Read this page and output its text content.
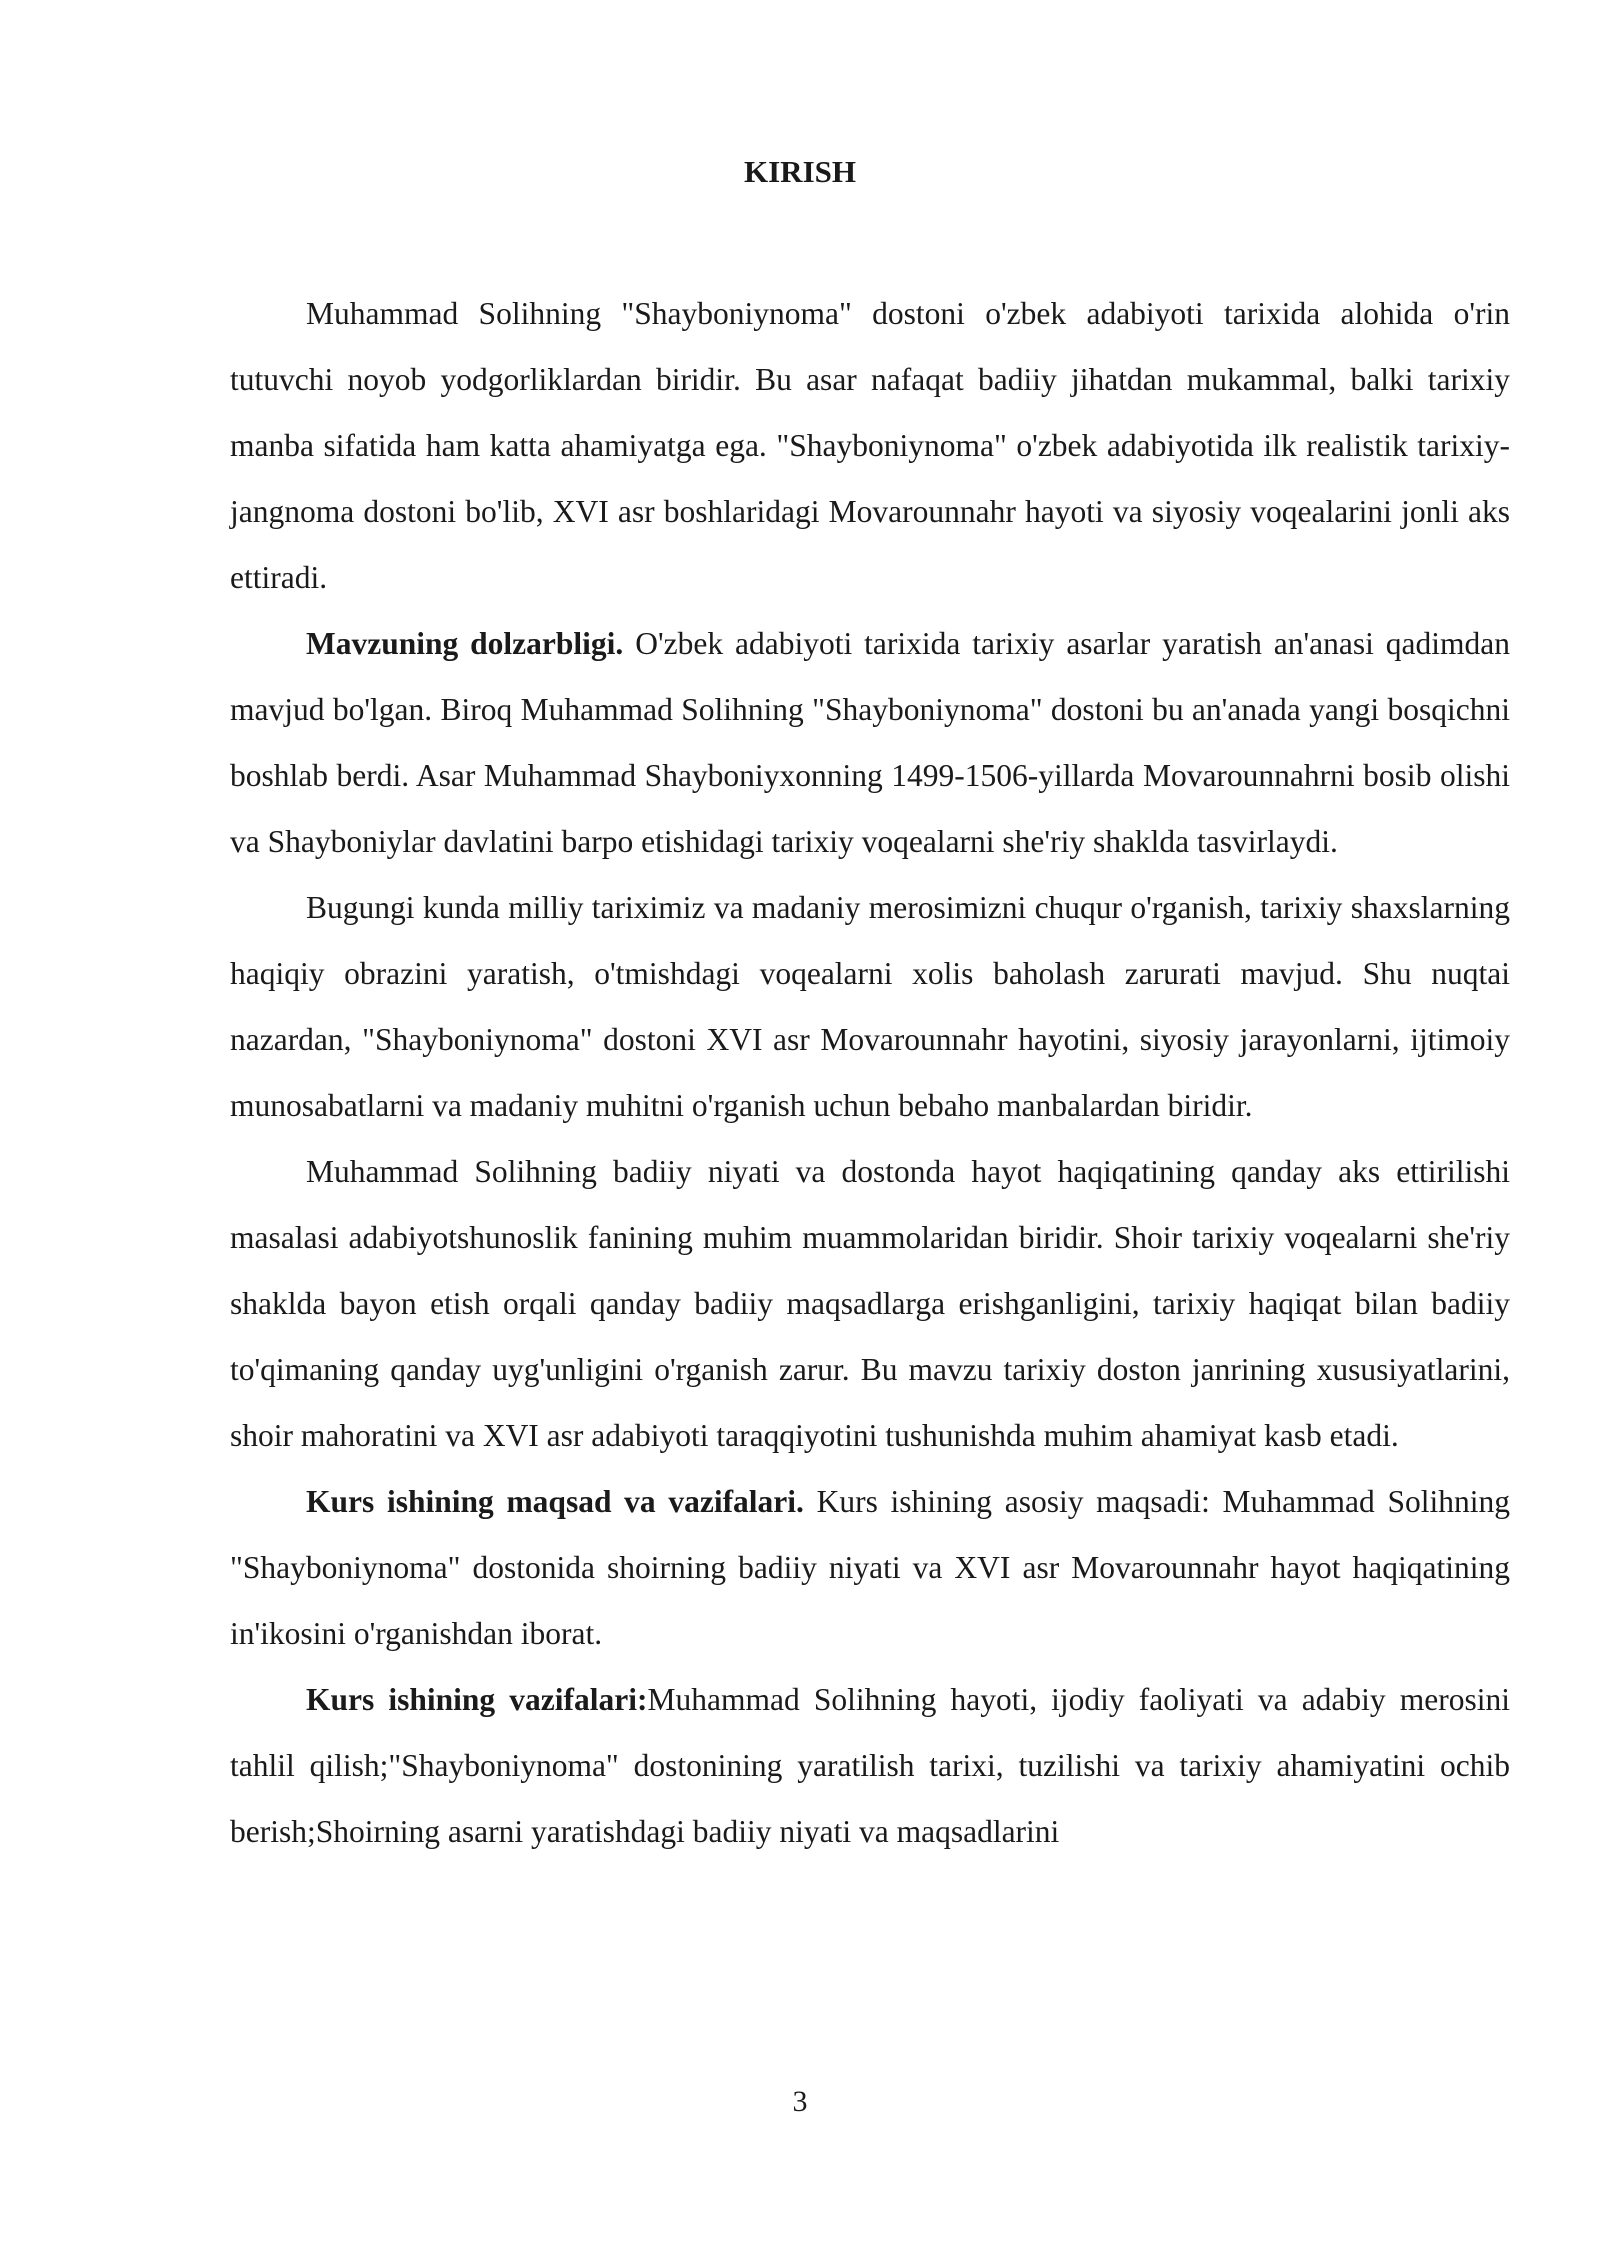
KIRISH

Muhammad Solihning "Shayboniynoma" dostoni o'zbek adabiyoti tarixida alohida o'rin tutuvchi noyob yodgorliklardan biridir. Bu asar nafaqat badiiy jihatdan mukammal, balki tarixiy manba sifatida ham katta ahamiyatga ega. "Shayboniynoma" o'zbek adabiyotida ilk realistik tarixiy-jangnoma dostoni bo'lib, XVI asr boshlaridagi Movarounnahr hayoti va siyosiy voqealarini jonli aks ettiradi.

Mavzuning dolzarbligi. O'zbek adabiyoti tarixida tarixiy asarlar yaratish an'anasi qadimdan mavjud bo'lgan. Biroq Muhammad Solihning "Shayboniynoma" dostoni bu an'anada yangi bosqichni boshlab berdi. Asar Muhammad Shayboniyxonning 1499-1506-yillarda Movarounnahrni bosib olishi va Shayboniylar davlatini barpo etishidagi tarixiy voqealarni she'riy shaklda tasvirlaydi.

Bugungi kunda milliy tariximiz va madaniy merosimizni chuqur o'rganish, tarixiy shaxslarning haqiqiy obrazini yaratish, o'tmishdagi voqealarni xolis baholash zarurati mavjud. Shu nuqtai nazardan, "Shayboniynoma" dostoni XVI asr Movarounnahr hayotini, siyosiy jarayonlarni, ijtimoiy munosabatlarni va madaniy muhitni o'rganish uchun bebaho manbalardan biridir.

Muhammad Solihning badiiy niyati va dostonda hayot haqiqatining qanday aks ettirilishi masalasi adabiyotshunoslik fanining muhim muammolaridan biridir. Shoir tarixiy voqealarni she'riy shaklda bayon etish orqali qanday badiiy maqsadlarga erishganligini, tarixiy haqiqat bilan badiiy to'qimaning qanday uyg'unligini o'rganish zarur. Bu mavzu tarixiy doston janrining xususiyatlarini, shoir mahoratini va XVI asr adabiyoti taraqqiyotini tushunishda muhim ahamiyat kasb etadi.

Kurs ishining maqsad va vazifalari. Kurs ishining asosiy maqsadi: Muhammad Solihning "Shayboniynoma" dostonida shoirning badiiy niyati va XVI asr Movarounnahr hayot haqiqatining in'ikosini o'rganishdan iborat.

Kurs ishining vazifalari:Muhammad Solihning hayoti, ijodiy faoliyati va adabiy merosini tahlil qilish;"Shayboniynoma" dostonining yaratilish tarixi, tuzilishi va tarixiy ahamiyatini ochib berish;Shoirning asarni yaratishdagi badiiy niyati va maqsadlarini

3
